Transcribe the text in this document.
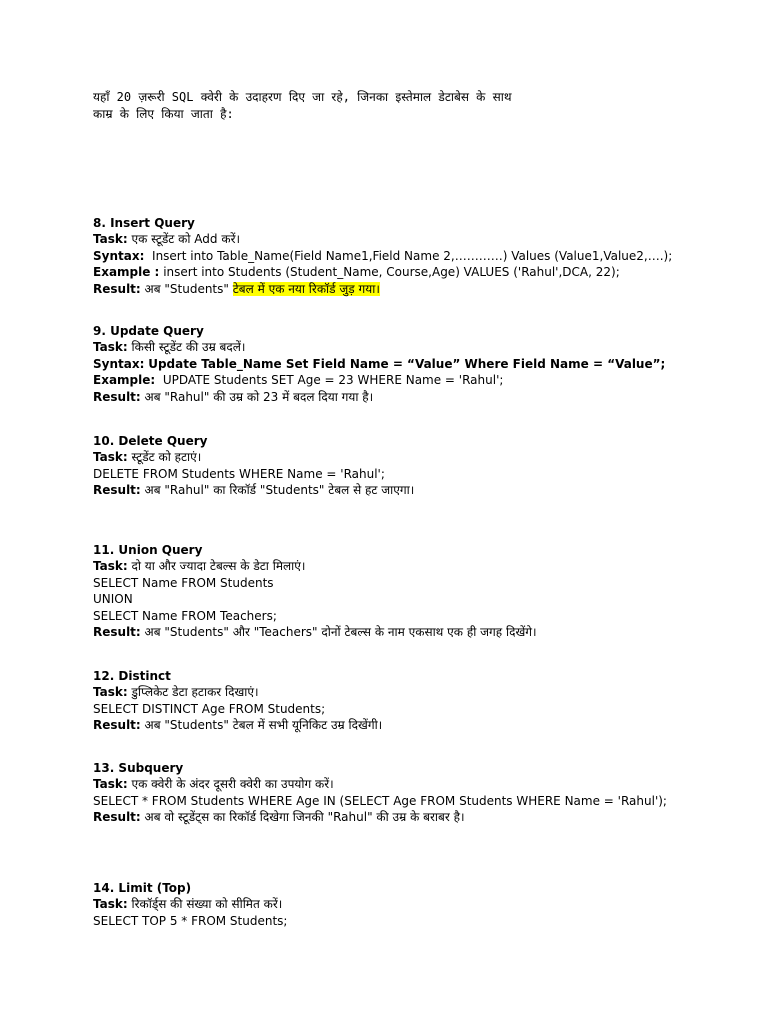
यहाँ 20 ज़रूरी SQL क्वेरी के उदाहरण दिए जा रहे, जिनका इस्तेमाल डेटाबेस के साथ
काम्र के लिए किया जाता है:
8. Insert Query
Task: एक स्टूडेंट को Add करें।
Syntax: Insert into Table_Name(Field Name1,Field Name 2,…………) Values (Value1,Value2,….);
Example : insert into Students (Student_Name, Course,Age) VALUES ('Rahul',DCA, 22);
Result: अब "Students" टेबल में एक नया रिकॉर्ड जुड़ गया।
9. Update Query
Task: किसी स्टूडेंट की उम्र बदलें।
Syntax: Update Table_Name Set Field Name = “Value” Where Field Name = “Value”;
Example: UPDATE Students SET Age = 23 WHERE Name = 'Rahul';
Result: अब "Rahul" की उम्र को 23 में बदल दिया गया है।
10. Delete Query
Task: स्टूडेंट को हटाएं।
DELETE FROM Students WHERE Name = 'Rahul';
Result: अब "Rahul" का रिकॉर्ड "Students" टेबल से हट जाएगा।
11. Union Query
Task: दो या और ज्यादा टेबल्स के डेटा मिलाएं।
SELECT Name FROM Students
UNION
SELECT Name FROM Teachers;
Result: अब "Students" और "Teachers" दोनों टेबल्स के नाम एकसाथ एक ही जगह दिखेंगे।
12. Distinct
Task: डुप्लिकेट डेटा हटाकर दिखाएं।
SELECT DISTINCT Age FROM Students;
Result: अब "Students" टेबल में सभी यूनिकिट उम्र दिखेंगी।
13. Subquery
Task: एक क्वेरी के अंदर दूसरी क्वेरी का उपयोग करें।
SELECT * FROM Students WHERE Age IN (SELECT Age FROM Students WHERE Name = 'Rahul');
Result: अब वो स्टूडेंट्स का रिकॉर्ड दिखेगा जिनकी "Rahul" की उम्र के बराबर है।
14. Limit (Top)
Task: रिकॉर्ड्स की संख्या को सीमित करें।
SELECT TOP 5 * FROM Students;
